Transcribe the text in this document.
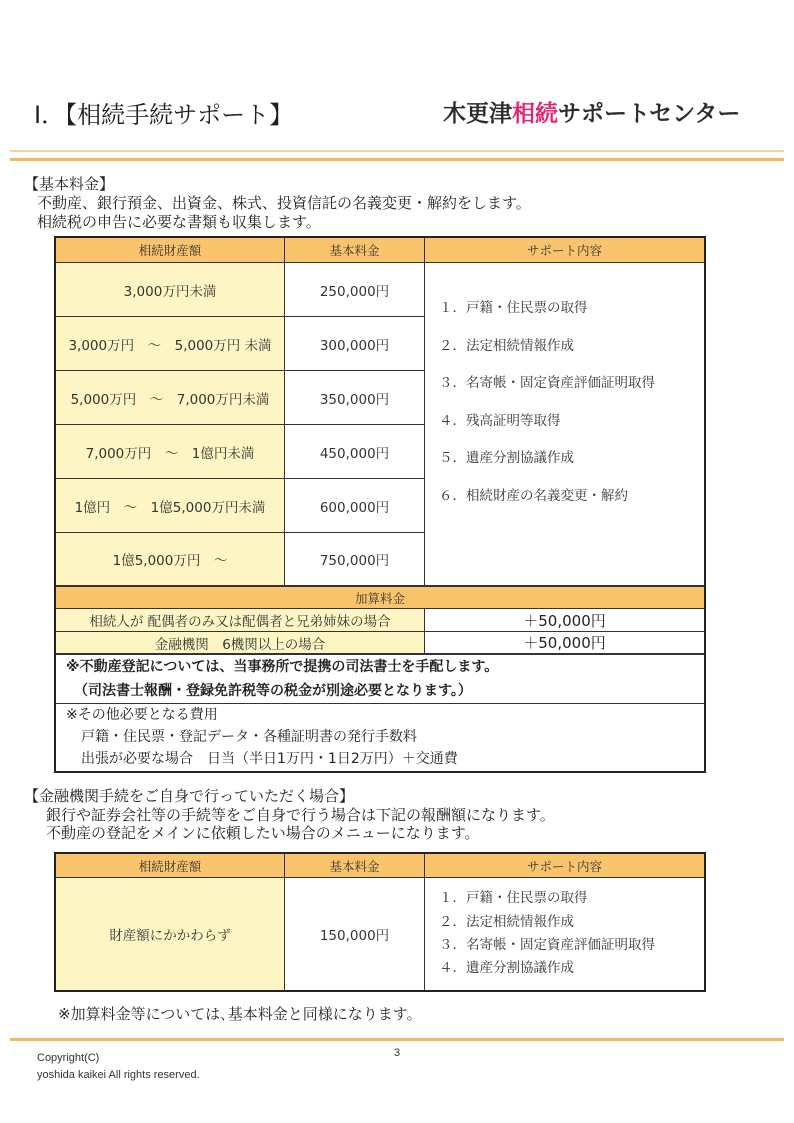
Ⅰ．【相続手続サポート】	木更津相続サポートセンター
【基本料金】
不動産、銀行預金、出資金、株式、投資信託の名義変更・解約をします。
相続税の申告に必要な書類も収集します。
相続財産額	基本料金	サポート内容
3,000万円未満	250,000円
3,000万円　～　5,000万円 未満	300,000円
5,000万円　～　7,000万円未満	350,000円
7,000万円　～　1億円未満	450,000円
1億円　～　1億5,000万円未満	600,000円
1億5,000万円　～	750,000円
１．戸籍・住民票の取得
２．法定相続情報作成
３．名寄帳・固定資産評価証明取得
４．残高証明等取得
５．遺産分割協議作成
６．相続財産の名義変更・解約
加算料金
相続人が 配偶者のみ又は配偶者と兄弟姉妹の場合	＋50,000円
金融機関　6機関以上の場合	＋50,000円
※不動産登記については、当事務所で提携の司法書士を手配します。
（司法書士報酬・登録免許税等の税金が別途必要となります。）
※その他必要となる費用
戸籍・住民票・登記データ・各種証明書の発行手数料
出張が必要な場合　日当（半日1万円・1日2万円）＋交通費
【金融機関手続をご自身で行っていただく場合】
銀行や証券会社等の手続等をご自身で行う場合は下記の報酬額になります。
不動産の登記をメインに依頼したい場合のメニューになります。
相続財産額	基本料金	サポート内容
財産額にかかわらず	150,000円
１．戸籍・住民票の取得
２．法定相続情報作成
３．名寄帳・固定資産評価証明取得
４．遺産分割協議作成
※加算料金等については､基本料金と同様になります。
3
Copyright(C)
yoshida kaikei All rights reserved.
